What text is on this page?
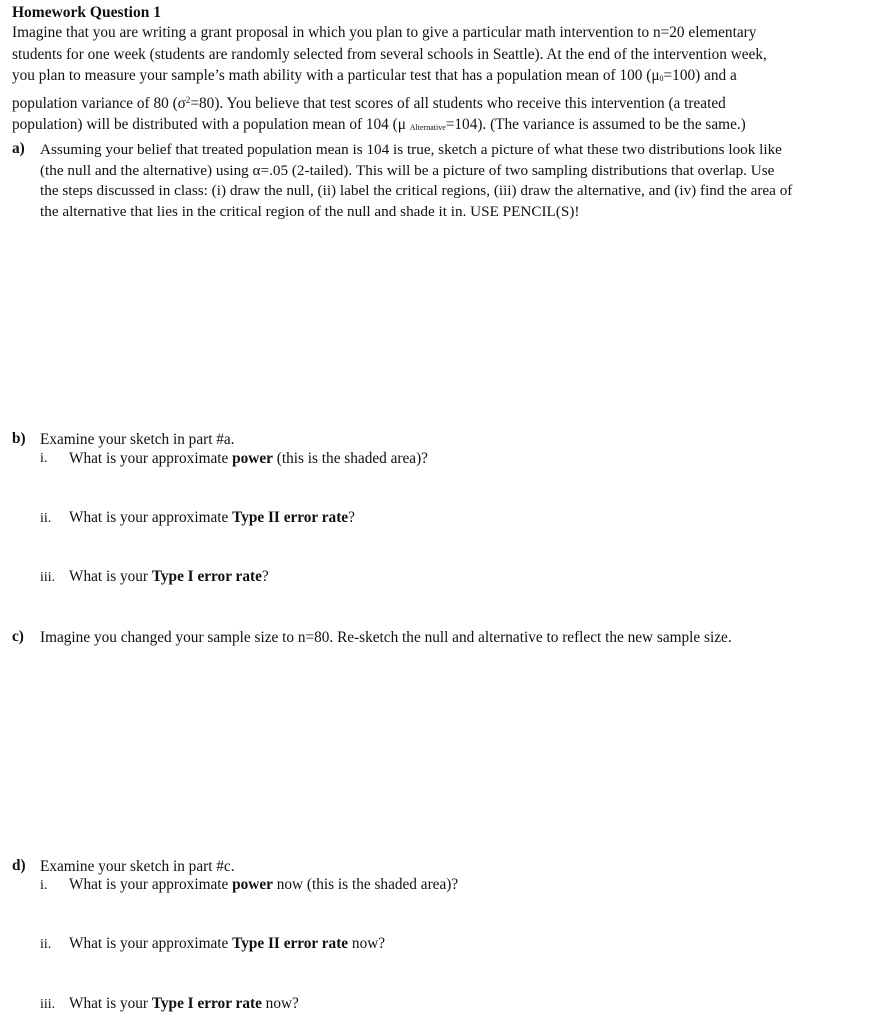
Homework Question 1
Imagine that you are writing a grant proposal in which you plan to give a particular math intervention to n=20 elementary
students for one week (students are randomly selected from several schools in Seattle). At the end of the intervention week,
you plan to measure your sample’s math ability with a particular test that has a population mean of 100 $(\mu_0=100)$ and a
population variance of 80 $(\sigma^2=80)$. You believe that test scores of all students who receive this intervention (a treated
population) will be distributed with a population mean of 104 (μ Alternative=104). (The variance is assumed to be the same.)
a) Assuming your belief that treated population mean is 104 is true, sketch a picture of what these two distributions look like
(the null and the alternative) using α=.05 (2-tailed). This will be a picture of two sampling distributions that overlap. Use
the steps discussed in class: (i) draw the null, (ii) label the critical regions, (iii) draw the alternative, and (iv) find the area of
the alternative that lies in the critical region of the null and shade it in. USE PENCIL(S)!
b) Examine your sketch in part #a.
i. What is your approximate power (this is the shaded area)?
ii. What is your approximate Type II error rate?
iii. What is your Type I error rate?
c) Imagine you changed your sample size to n=80. Re-sketch the null and alternative to reflect the new sample size.
d) Examine your sketch in part #c.
i. What is your approximate power now (this is the shaded area)?
ii. What is your approximate Type II error rate now?
iii. What is your Type I error rate now?
